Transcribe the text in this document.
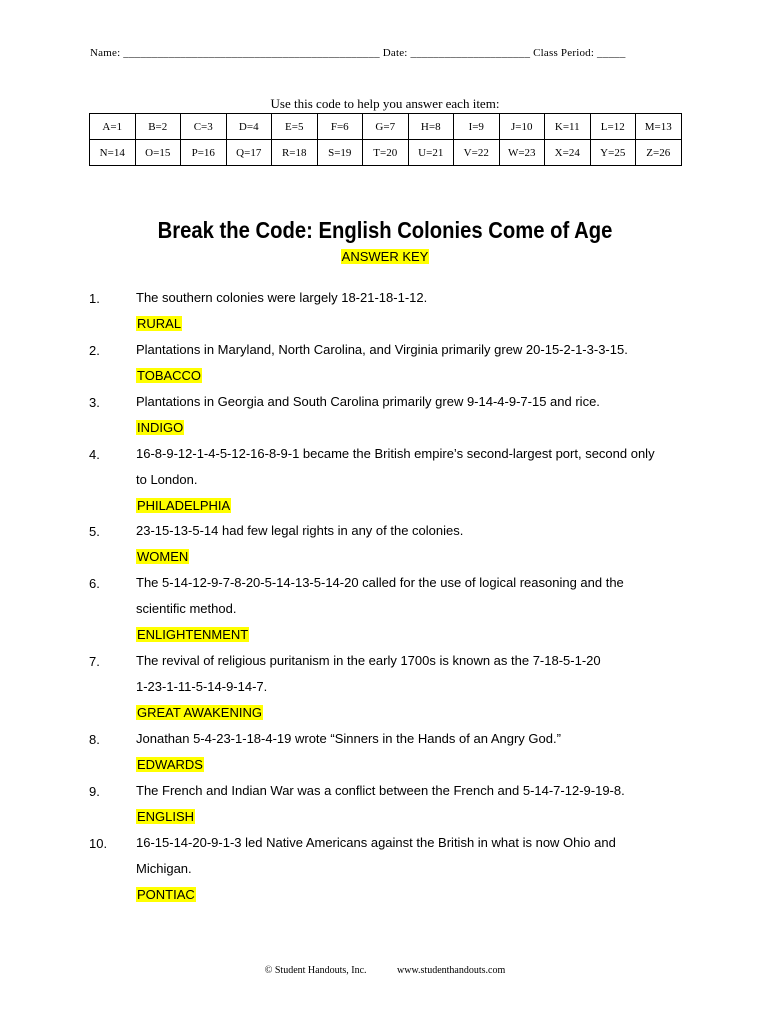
Name: _____________________________________________ Date: _____________________ Class Period: _____
Use this code to help you answer each item:
A=1	B=2	C=3	D=4	E=5	F=6	G=7	H=8	I=9	J=10	K=11	L=12	M=13
N=14	O=15	P=16	Q=17	R=18	S=19	T=20	U=21	V=22	W=23	X=24	Y=25	Z=26
Break the Code: English Colonies Come of Age
ANSWER KEY
1.	The southern colonies were largely 18-21-18-1-12.
RURAL
2.	Plantations in Maryland, North Carolina, and Virginia primarily grew 20-15-2-1-3-3-15.
TOBACCO
3.	Plantations in Georgia and South Carolina primarily grew 9-14-4-9-7-15 and rice.
INDIGO
4.	16-8-9-12-1-4-5-12-16-8-9-1 became the British empire’s second-largest port, second only
to London.
PHILADELPHIA
5.	23-15-13-5-14 had few legal rights in any of the colonies.
WOMEN
6.	The 5-14-12-9-7-8-20-5-14-13-5-14-20 called for the use of logical reasoning and the
scientific method.
ENLIGHTENMENT
7.	The revival of religious puritanism in the early 1700s is known as the 7-18-5-1-20
1-23-1-11-5-14-9-14-7.
GREAT AWAKENING
8.	Jonathan 5-4-23-1-18-4-19 wrote “Sinners in the Hands of an Angry God.”
EDWARDS
9.	The French and Indian War was a conflict between the French and 5-14-7-12-9-19-8.
ENGLISH
10. 16-15-14-20-9-1-3 led Native Americans against the British in what is now Ohio and
Michigan.
PONTIAC
© Student Handouts, Inc.	www.studenthandouts.com
